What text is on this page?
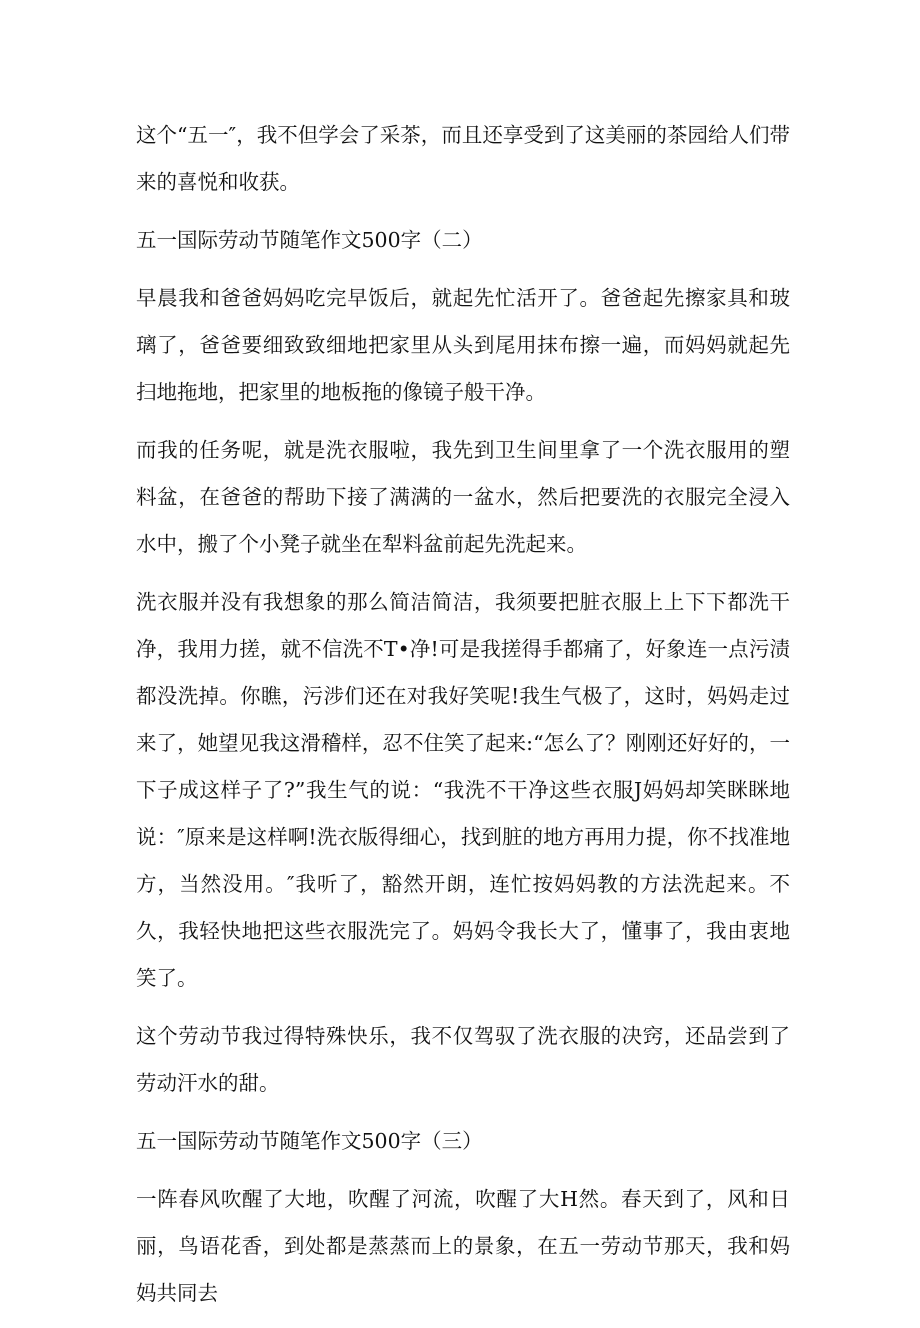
这个“五一″，我不但学会了采茶，而且还享受到了这美丽的茶园给人们带来的喜悦和收获。

五一国际劳动节随笔作文500字（二）

早晨我和爸爸妈妈吃完早饭后，就起先忙活开了。爸爸起先擦家具和玻璃了，爸爸要细致致细地把家里从头到尾用抹布擦一遍，而妈妈就起先扫地拖地，把家里的地板拖的像镜子般干净。

而我的任务呢，就是洗衣服啦，我先到卫生间里拿了一个洗衣服用的塑料盆，在爸爸的帮助下接了满满的一盆水，然后把要洗的衣服完全浸入水中，搬了个小凳子就坐在犁料盆前起先洗起来。

洗衣服并没有我想象的那么简洁简洁，我须要把脏衣服上上下下都洗干净，我用力搓，就不信洗不T•净!可是我搓得手都痛了，好象连一点污渍都没洗掉。你瞧，污涉们还在对我好笑呢!我生气极了，这时，妈妈走过来了，她望见我这滑稽样，忍不住笑了起来:“怎么了？刚刚还好好的，一下子成这样子了?”我生气的说：“我洗不干净这些衣服J妈妈却笑眯眯地说：″原来是这样啊!洗衣版得细心，找到脏的地方再用力提，你不找准地方，当然没用。″我听了，豁然开朗，连忙按妈妈教的方法洗起来。不久，我轻快地把这些衣服洗完了。妈妈令我长大了，懂事了，我由衷地笑了。

这个劳动节我过得特殊快乐，我不仅驾驭了洗衣服的决窍，还品尝到了劳动汗水的甜。

五一国际劳动节随笔作文500字（三）

一阵春风吹醒了大地，吹醒了河流，吹醒了大H然。春天到了，风和日丽，鸟语花香，到处都是蒸蒸而上的景象，在五一劳动节那天，我和妈妈共同去
